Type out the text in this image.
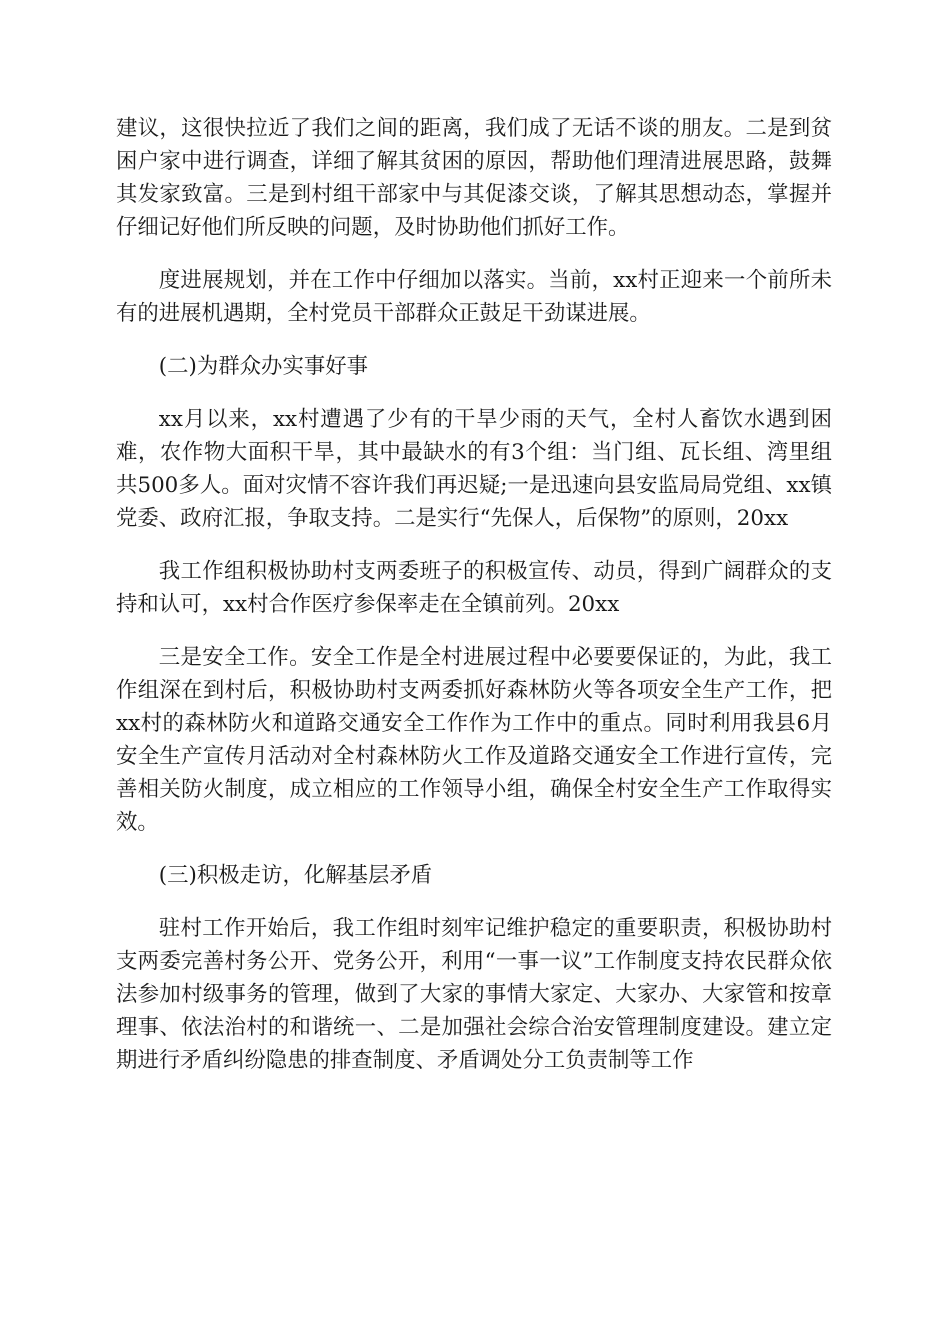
建议，这很快拉近了我们之间的距离，我们成了无话不谈的朋友。二是到贫困户家中进行调查，详细了解其贫困的原因，帮助他们理清进展思路，鼓舞其发家致富。三是到村组干部家中与其促漆交谈，了解其思想动态，掌握并仔细记好他们所反映的问题，及时协助他们抓好工作。

度进展规划，并在工作中仔细加以落实。当前，xx村正迎来一个前所未有的进展机遇期，全村党员干部群众正鼓足干劲谋进展。

(二)为群众办实事好事

xx月以来，xx村遭遇了少有的干旱少雨的天气，全村人畜饮水遇到困难，农作物大面积干旱，其中最缺水的有3个组：当门组、瓦长组、湾里组共500多人。面对灾情不容许我们再迟疑;一是迅速向县安监局局党组、xx镇党委、政府汇报，争取支持。二是实行“先保人，后保物”的原则，20xx

我工作组积极协助村支两委班子的积极宣传、动员，得到广阔群众的支持和认可，xx村合作医疗参保率走在全镇前列。20xx

三是安全工作。安全工作是全村进展过程中必要要保证的，为此，我工作组深在到村后，积极协助村支两委抓好森林防火等各项安全生产工作，把xx村的森林防火和道路交通安全工作作为工作中的重点。同时利用我县6月安全生产宣传月活动对全村森林防火工作及道路交通安全工作进行宣传，完善相关防火制度，成立相应的工作领导小组，确保全村安全生产工作取得实效。

(三)积极走访，化解基层矛盾

驻村工作开始后，我工作组时刻牢记维护稳定的重要职责，积极协助村支两委完善村务公开、党务公开，利用“一事一议”工作制度支持农民群众依法参加村级事务的管理，做到了大家的事情大家定、大家办、大家管和按章理事、依法治村的和谐统一、二是加强社会综合治安管理制度建设。建立定期进行矛盾纠纷隐患的排查制度、矛盾调处分工负责制等工作
